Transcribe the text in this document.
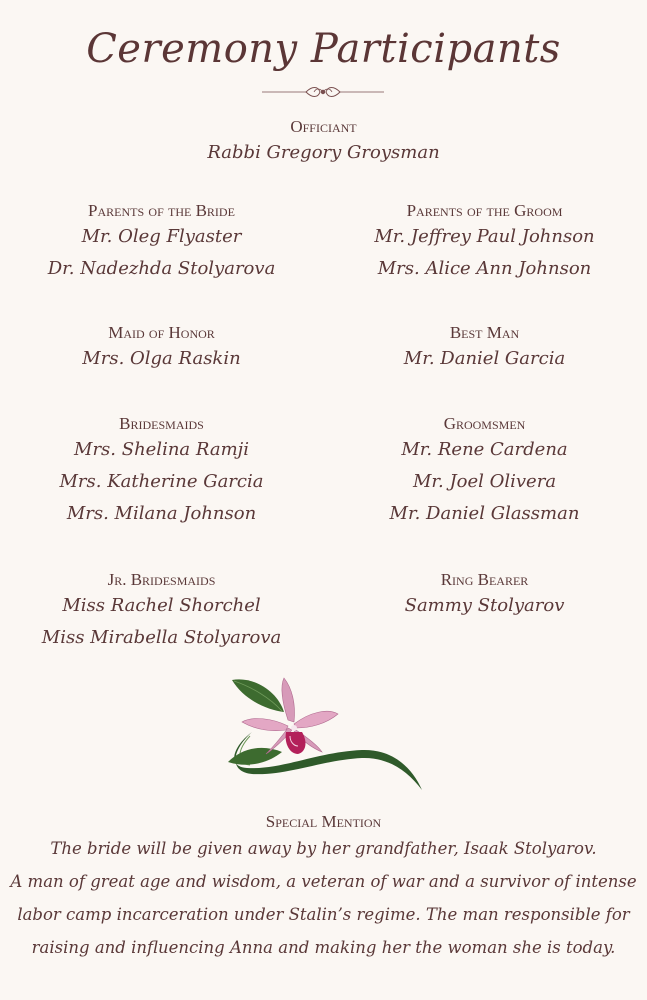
Ceremony Participants
Officiant
Rabbi Gregory Groysman
Parents of the Bride
Mr. Oleg Flyaster
Dr. Nadezhda Stolyarova
Parents of the Groom
Mr. Jeffrey Paul Johnson
Mrs. Alice Ann Johnson
Maid of Honor
Mrs. Olga Raskin
Best Man
Mr. Daniel Garcia
Bridesmaids
Mrs. Shelina Ramji
Mrs. Katherine Garcia
Mrs. Milana Johnson
Groomsmen
Mr. Rene Cardena
Mr. Joel Olivera
Mr. Daniel Glassman
Jr. Bridesmaids
Miss Rachel Shorchel
Miss Mirabella Stolyarova
Ring Bearer
Sammy Stolyarov
Special Mention
The bride will be given away by her grandfather, Isaak Stolyarov.
A man of great age and wisdom, a veteran of war and a survivor of intense
labor camp incarceration under Stalin’s regime. The man responsible for
raising and influencing Anna and making her the woman she is today.
